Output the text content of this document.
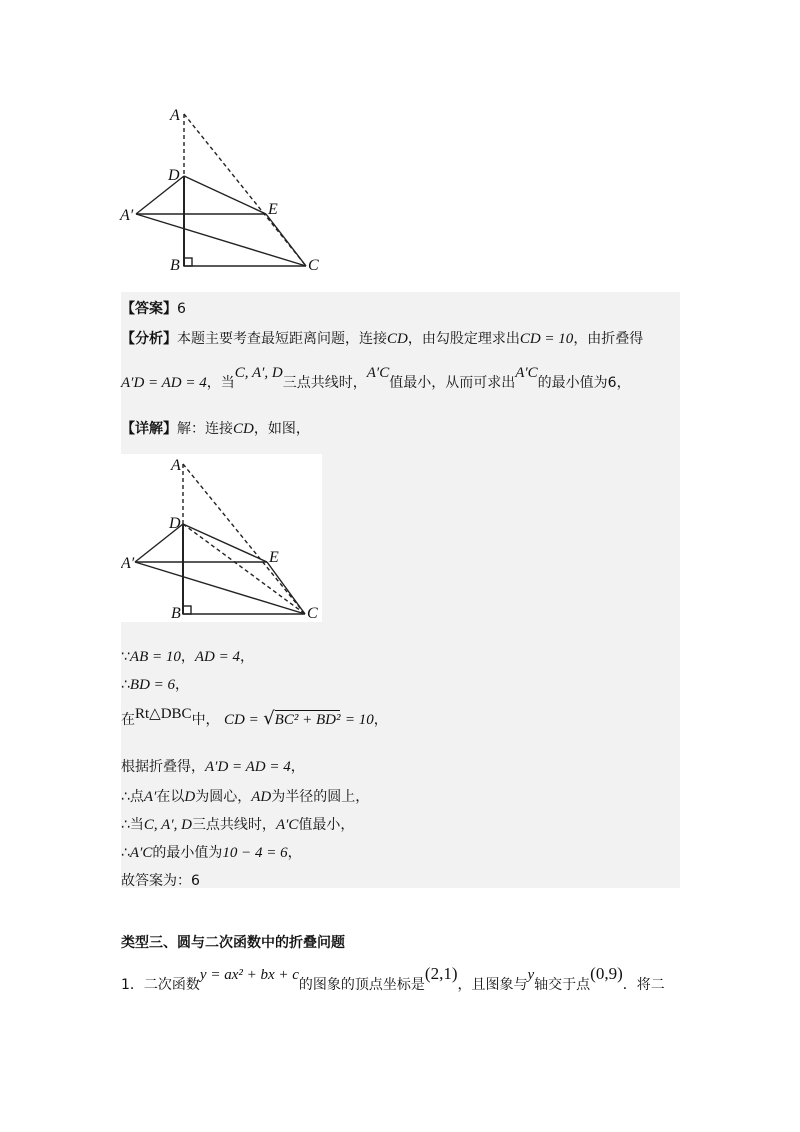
A
D
A′	E
B	C
【答案】6
【分析】本题主要考查最短距离问题，连接CD，由勾股定理求出CD = 10，由折叠得
A′D = AD = 4，当C, A′, D三点共线时，A′C值最小，从而可求出A′C的最小值为6，
【详解】解：连接CD，如图，
A
D
A′	E
B	C
∵AB = 10，AD = 4，
∴BD = 6，
在Rt△DBC中， CD = √BC² + BD² = 10，
根据折叠得，A′D = AD = 4，
∴点A′在以D为圆心，AD为半径的圆上，
∴当C, A′, D三点共线时，A′C值最小，
∴A′C的最小值为10 − 4 = 6，
故答案为：6
类型三、圆与二次函数中的折叠问题
1．二次函数y = ax² + bx + c的图象的顶点坐标是(2,1)，且图象与y轴交于点(0,9)．将二
